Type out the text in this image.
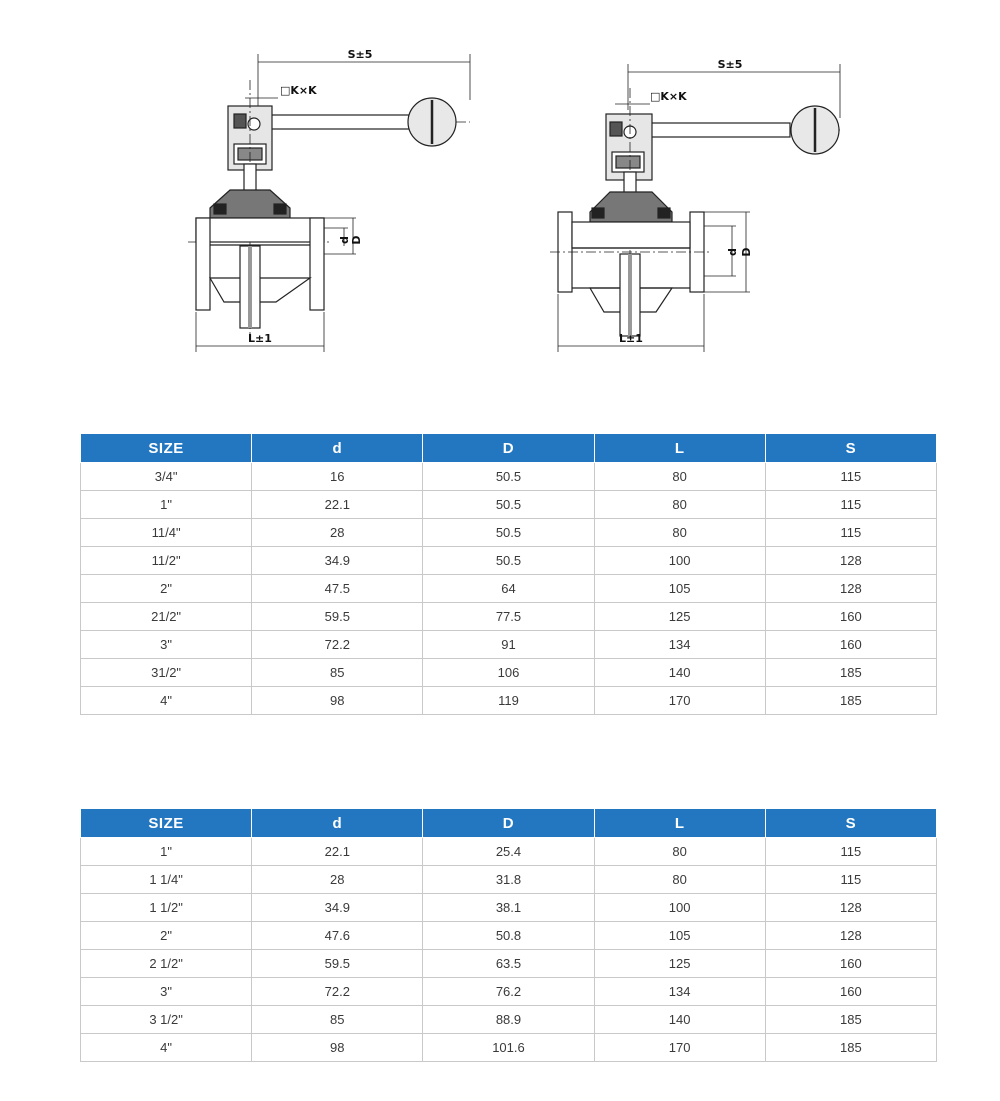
S±5
□K×K
d D
L±1
S±5
□K×K
d D
L±1
SIZE	d	D	L	S
3/4"	16	50.5	80	115
1"	22.1	50.5	80	115
11/4"	28	50.5	80	115
11/2"	34.9	50.5	100	128
2"	47.5	64	105	128
21/2"	59.5	77.5	125	160
3"	72.2	91	134	160
31/2"	85	106	140	185
4"	98	119	170	185
SIZE	d	D	L	S
1"	22.1	25.4	80	115
1 1/4"	28	31.8	80	115
1 1/2"	34.9	38.1	100	128
2"	47.6	50.8	105	128
2 1/2"	59.5	63.5	125	160
3"	72.2	76.2	134	160
3 1/2"	85	88.9	140	185
4"	98	101.6	170	185
